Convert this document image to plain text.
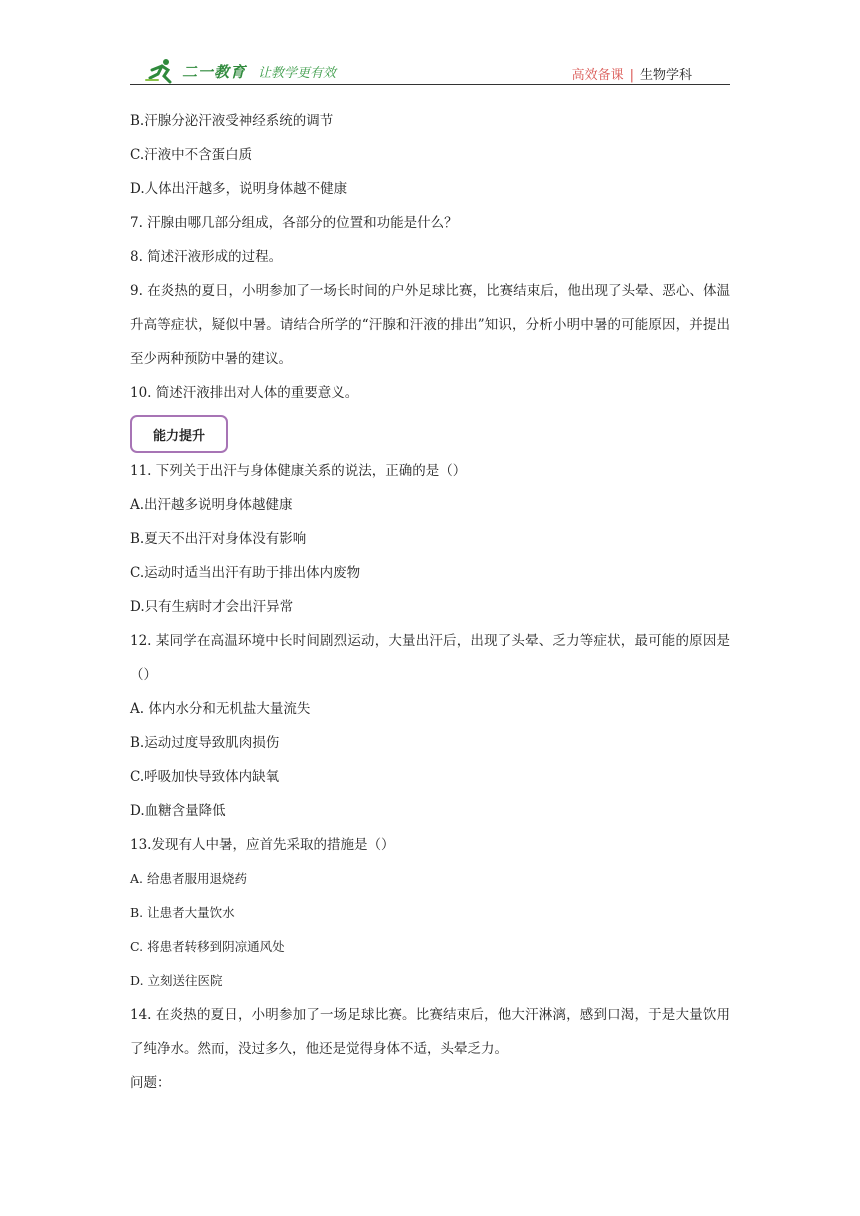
二一教育 让教学更有效	高效备课 | 生物学科

B.汗腺分泌汗液受神经系统的调节

C.汗液中不含蛋白质

D.人体出汗越多，说明身体越不健康

7. 汗腺由哪几部分组成，各部分的位置和功能是什么？

8. 简述汗液形成的过程。

9. 在炎热的夏日，小明参加了一场长时间的户外足球比赛，比赛结束后，他出现了头晕、恶心、体温升高等症状，疑似中暑。请结合所学的“汗腺和汗液的排出”知识，分析小明中暑的可能原因，并提出至少两种预防中暑的建议。

10. 简述汗液排出对人体的重要意义。

能力提升

11. 下列关于出汗与身体健康关系的说法，正确的是（）

A.出汗越多说明身体越健康

B.夏天不出汗对身体没有影响

C.运动时适当出汗有助于排出体内废物

D.只有生病时才会出汗异常

12. 某同学在高温环境中长时间剧烈运动，大量出汗后，出现了头晕、乏力等症状，最可能的原因是（）

A. 体内水分和无机盐大量流失

B.运动过度导致肌肉损伤

C.呼吸加快导致体内缺氧

D.血糖含量降低

13.发现有人中暑，应首先采取的措施是（）

A. 给患者服用退烧药

B. 让患者大量饮水

C. 将患者转移到阴凉通风处

D. 立刻送往医院

14. 在炎热的夏日，小明参加了一场足球比赛。比赛结束后，他大汗淋漓，感到口渴，于是大量饮用了纯净水。然而，没过多久，他还是觉得身体不适，头晕乏力。

问题：
